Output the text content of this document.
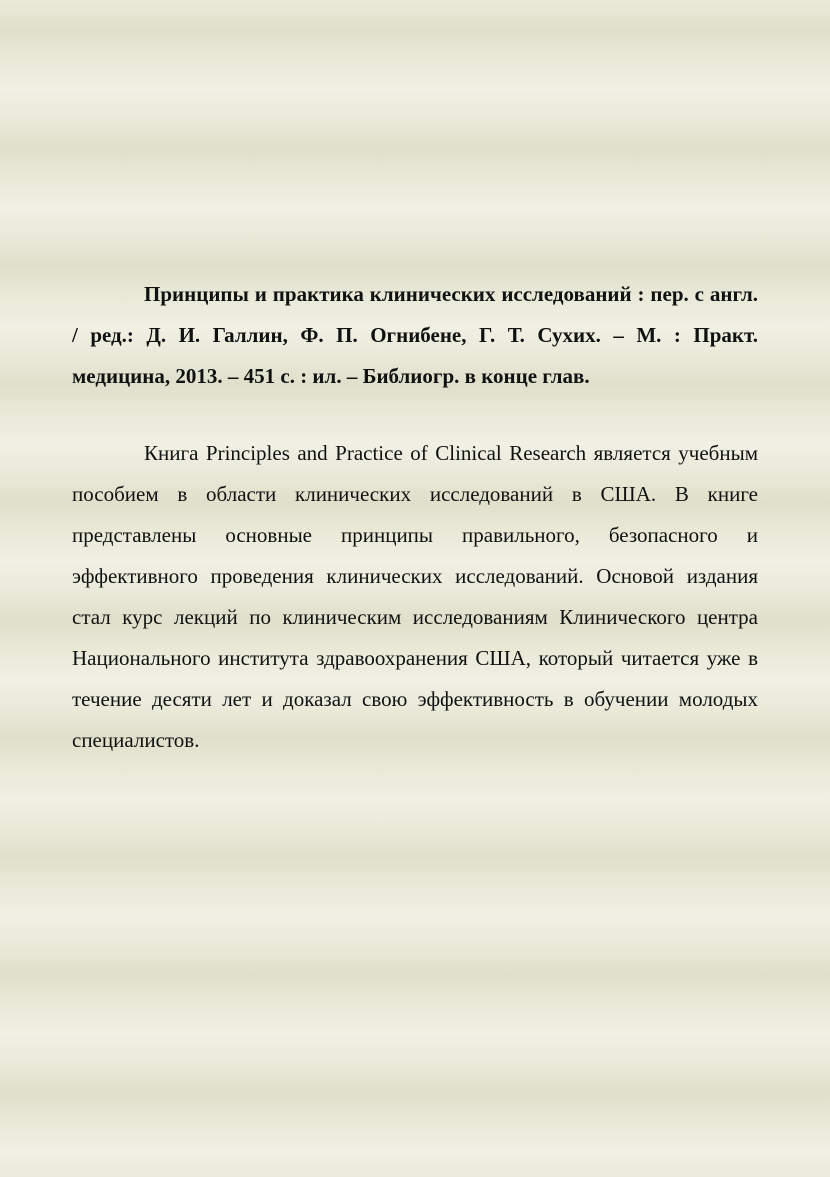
Принципы и практика клинических исследований : пер. с англ. / ред.: Д. И. Галлин, Ф. П. Огнибене, Г. Т. Сухих. – М. : Практ. медицина, 2013. – 451 с. : ил. – Библиогр. в конце глав.

Книга Principles and Practice of Clinical Research является учебным пособием в области клинических исследований в США. В книге представлены основные принципы правильного, безопасного и эффективного проведения клинических исследований. Основой издания стал курс лекций по клиническим исследованиям Клинического центра Национального института здравоохранения США, который читается уже в течение десяти лет и доказал свою эффективность в обучении молодых специалистов.
